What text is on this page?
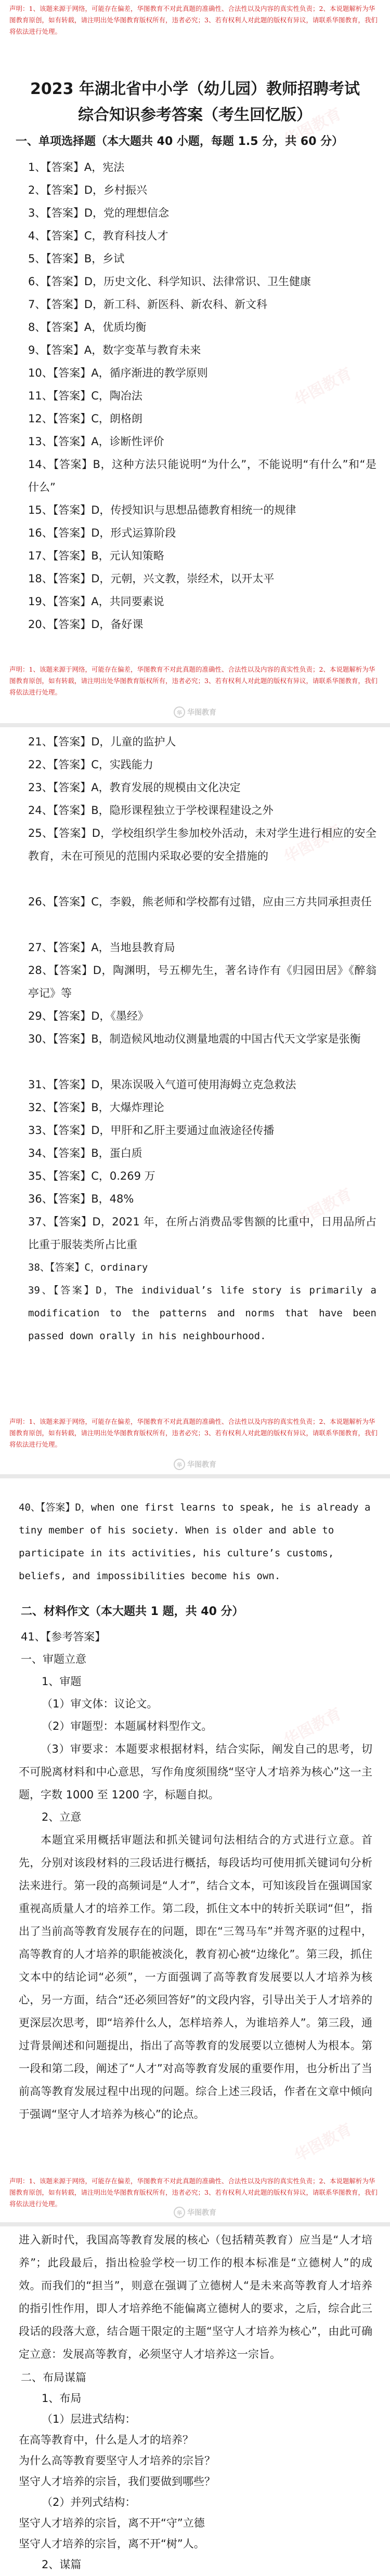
华图教育
华图教育
华图教育
华图教育
华图教育
华图教育
声明：1、该题来源于网络，可能存在偏差，华图教育不对此真题的准确性、合法性以及内容的真实性负责；2、本说题解析为华图教育原创，如有转载，请注明出处华图教育版权所有，违者必究；3、若有权利人对此题的版权有异议，请联系华图教育，我们将依法进行处理。
2023 年湖北省中小学（幼儿园）教师招聘考试
综合知识参考答案（考生回忆版）
一、单项选择题（本大题共 40 小题，每题 1.5 分，共 60 分）
1、【答案】A，宪法
2、【答案】D，乡村振兴
3、【答案】D，党的理想信念
4、【答案】C，教育科技人才
5、【答案】B，乡试
6、【答案】D，历史文化、科学知识、法律常识、卫生健康
7、【答案】D，新工科、新医科、新农科、新文科
8、【答案】A，优质均衡
9、【答案】A，数字变革与教育未来
10、【答案】A，循序渐进的教学原则
11、【答案】C，陶冶法
12、【答案】C，朗格朗
13、【答案】A，诊断性评价
14、【答案】B，这种方法只能说明“为什么”，不能说明“有什么”和“是什么”
15、【答案】D，传授知识与思想品德教育相统一的规律
16、【答案】D，形式运算阶段
17、【答案】B，元认知策略
18、【答案】D，元朝，兴文教，崇经术，以开太平
19、【答案】A，共同要素说
20、【答案】D，备好课
声明：1、该题来源于网络，可能存在偏差，华图教育不对此真题的准确性、合法性以及内容的真实性负责；2、本说题解析为华图教育原创，如有转载，请注明出处华图教育版权所有，违者必究；3、若有权利人对此题的版权有异议，请联系华图教育，我们将依法进行处理。
华 华图教育
21、【答案】D，儿童的监护人
22、【答案】C，实践能力
23、【答案】A，教育发展的规模由文化决定
24、【答案】B，隐形课程独立于学校课程建设之外
25、【答案】D，学校组织学生参加校外活动，未对学生进行相应的安全教育，未在可预见的范围内采取必要的安全措施的
26、【答案】C，李毅，熊老师和学校都有过错，应由三方共同承担责任
27、【答案】A，当地县教育局
28、【答案】D，陶渊明，号五柳先生，著名诗作有《归园田居》《醉翁亭记》等
29、【答案】D，《墨经》
30、【答案】B，制造候风地动仪测量地震的中国古代天文学家是张衡
31、【答案】D，果冻误吸入气道可使用海姆立克急救法
32、【答案】B，大爆炸理论
33、【答案】D，甲肝和乙肝主要通过血液途径传播
34、【答案】B，蛋白质
35、【答案】C，0.269 万
36、【答案】B，48%
37、【答案】D，2021 年，在所占消费品零售额的比重中，日用品所占比重于服装类所占比重
38、【答案】C，ordinary
39、【答案】D，The individual’s life story is primarily a modification to the patterns and norms that have been passed down orally in his neighbourhood.
声明：1、该题来源于网络，可能存在偏差，华图教育不对此真题的准确性、合法性以及内容的真实性负责；2、本说题解析为华图教育原创，如有转载，请注明出处华图教育版权所有，违者必究；3、若有权利人对此题的版权有异议，请联系华图教育，我们将依法进行处理。
华 华图教育
40、【答案】D，when one first learns to speak, he is already a tiny member of his society. When is older and able to participate in its activities, his culture’s customs, beliefs, and impossibilities become his own.
二、材料作文（本大题共 1 题，共 40 分）
41、【参考答案】
一、审题立意
1、审题
（1）审文体：议论文。
（2）审题型：本题属材料型作文。
（3）审要求：本题要求根据材料，结合实际，阐发自己的思考，切不可脱离材料和中心意思，写作角度须围绕“坚守人才培养为核心”这一主题，字数 1000 至 1200 字，标题自拟。
2、立意
本题宜采用概括审题法和抓关键词句法相结合的方式进行立意。首先，分别对该段材料的三段话进行概括，每段话均可使用抓关键词句分析法来进行。第一段的高频词是“人才”，结合文本，可知该段旨在强调国家重视高质量人才的培养工作。第二段，抓住文本中的转折关联词“但”，指出了当前高等教育发展存在的问题，即在“三驾马车”并驾齐驱的过程中，高等教育的人才培养的职能被淡化，教育初心被“边缘化”。第三段，抓住文本中的结论词“必须”，一方面强调了高等教育发展要以人才培养为核心，另一方面，结合“还必须回答好”的文段内容，引导出关于人才培养的更深层次思考，即“培养什么人，怎样培养人，为谁培养人”。第三段，通过背景阐述和问题提出，指出了高等教育的发展要以立德树人为根本。第一段和第二段，阐述了“人才”对高等教育发展的重要作用，也分析出了当前高等教育发展过程中出现的问题。综合上述三段话，作者在文章中倾向于强调“坚守人才培养为核心”的论点。
声明：1、该题来源于网络，可能存在偏差，华图教育不对此真题的准确性、合法性以及内容的真实性负责；2、本说题解析为华图教育原创，如有转载，请注明出处华图教育版权所有，违者必究；3、若有权利人对此题的版权有异议，请联系华图教育，我们将依法进行处理。
华 华图教育
进入新时代，我国高等教育发展的核心（包括精英教育）应当是“人才培养”；此段最后，指出检验学校一切工作的根本标准是“立德树人”的成效。而我们的“担当”，则意在强调了立德树人“是未来高等教育人才培养的指引性作用，即人才培养绝不能偏离立德树人的要求，之后，综合此三段话的段落大意，结合题干限定的主题“坚守人才培养为核心”，由此可确定立意：发展高等教育，必须坚守人才培养这一宗旨。
二、布局谋篇
1、布局
（1）层进式结构：
在高等教育中，什么是人才的培养？
为什么高等教育要坚守人才培养的宗旨？
坚守人才培养的宗旨，我们要做到哪些？
（2）并列式结构：
坚守人才培养的宗旨，离不开“守”立德
坚守人才培养的宗旨，离不开“树”人。
2、谋篇
